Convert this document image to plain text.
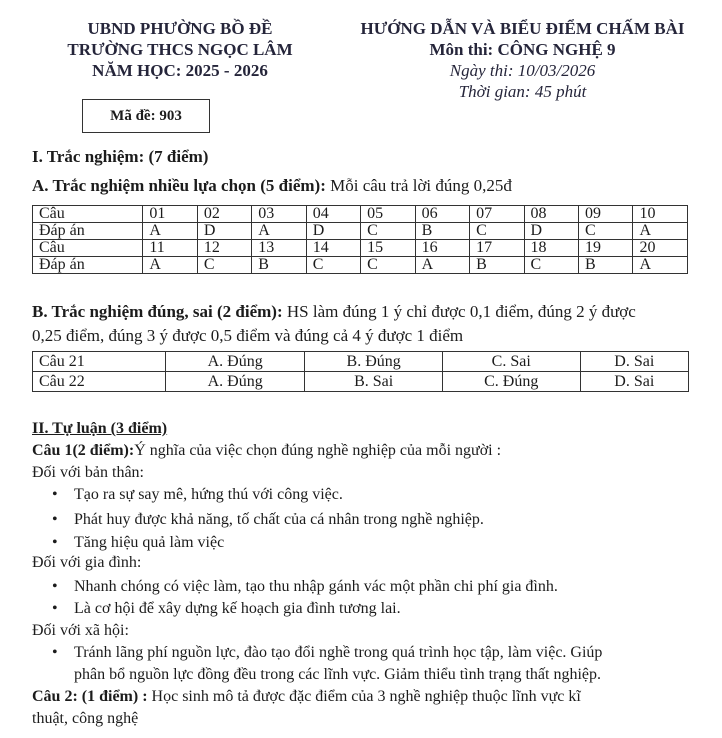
UBND PHƯỜNG BỒ ĐỀ
TRƯỜNG THCS NGỌC LÂM
NĂM HỌC: 2025 - 2026
HƯỚNG DẪN VÀ BIỂU ĐIỂM CHẤM BÀI
Môn thi: CÔNG NGHỆ 9
Ngày thi: 10/03/2026
Thời gian: 45 phút
Mã đề: 903
I. Trắc nghiệm: (7 điểm)
A. Trắc nghiệm nhiều lựa chọn (5 điểm): Mỗi câu trả lời đúng 0,25đ
Câu	01	02	03	04	05	06	07	08	09	10
Đáp án	A	D	A	D	C	B	C	D	C	A
Câu	11	12	13	14	15	16	17	18	19	20
Đáp án	A	C	B	C	C	A	B	C	B	A
B. Trắc nghiệm đúng, sai (2 điểm): HS làm đúng 1 ý chỉ được 0,1 điểm, đúng 2 ý được
0,25 điểm, đúng 3 ý được 0,5 điểm và đúng cả 4 ý được 1 điểm
Câu 21	A. Đúng	B. Đúng	C. Sai	D. Sai
Câu 22	A. Đúng	B. Sai	C. Đúng	D. Sai
II. Tự luận (3 điểm)
Câu 1(2 điểm):Ý nghĩa của việc chọn đúng nghề nghiệp của mỗi người :
Đối với bản thân:
• Tạo ra sự say mê, hứng thú với công việc.
• Phát huy được khả năng, tố chất của cá nhân trong nghề nghiệp.
• Tăng hiệu quả làm việc
Đối với gia đình:
• Nhanh chóng có việc làm, tạo thu nhập gánh vác một phần chi phí gia đình.
• Là cơ hội để xây dựng kế hoạch gia đình tương lai.
Đối với xã hội:
• Tránh lãng phí nguồn lực, đào tạo đổi nghề trong quá trình học tập, làm việc. Giúp
phân bổ nguồn lực đồng đều trong các lĩnh vực. Giảm thiểu tình trạng thất nghiệp.
Câu 2: (1 điểm) : Học sinh mô tả được đặc điểm của 3 nghề nghiệp thuộc lĩnh vực kĩ
thuật, công nghệ
